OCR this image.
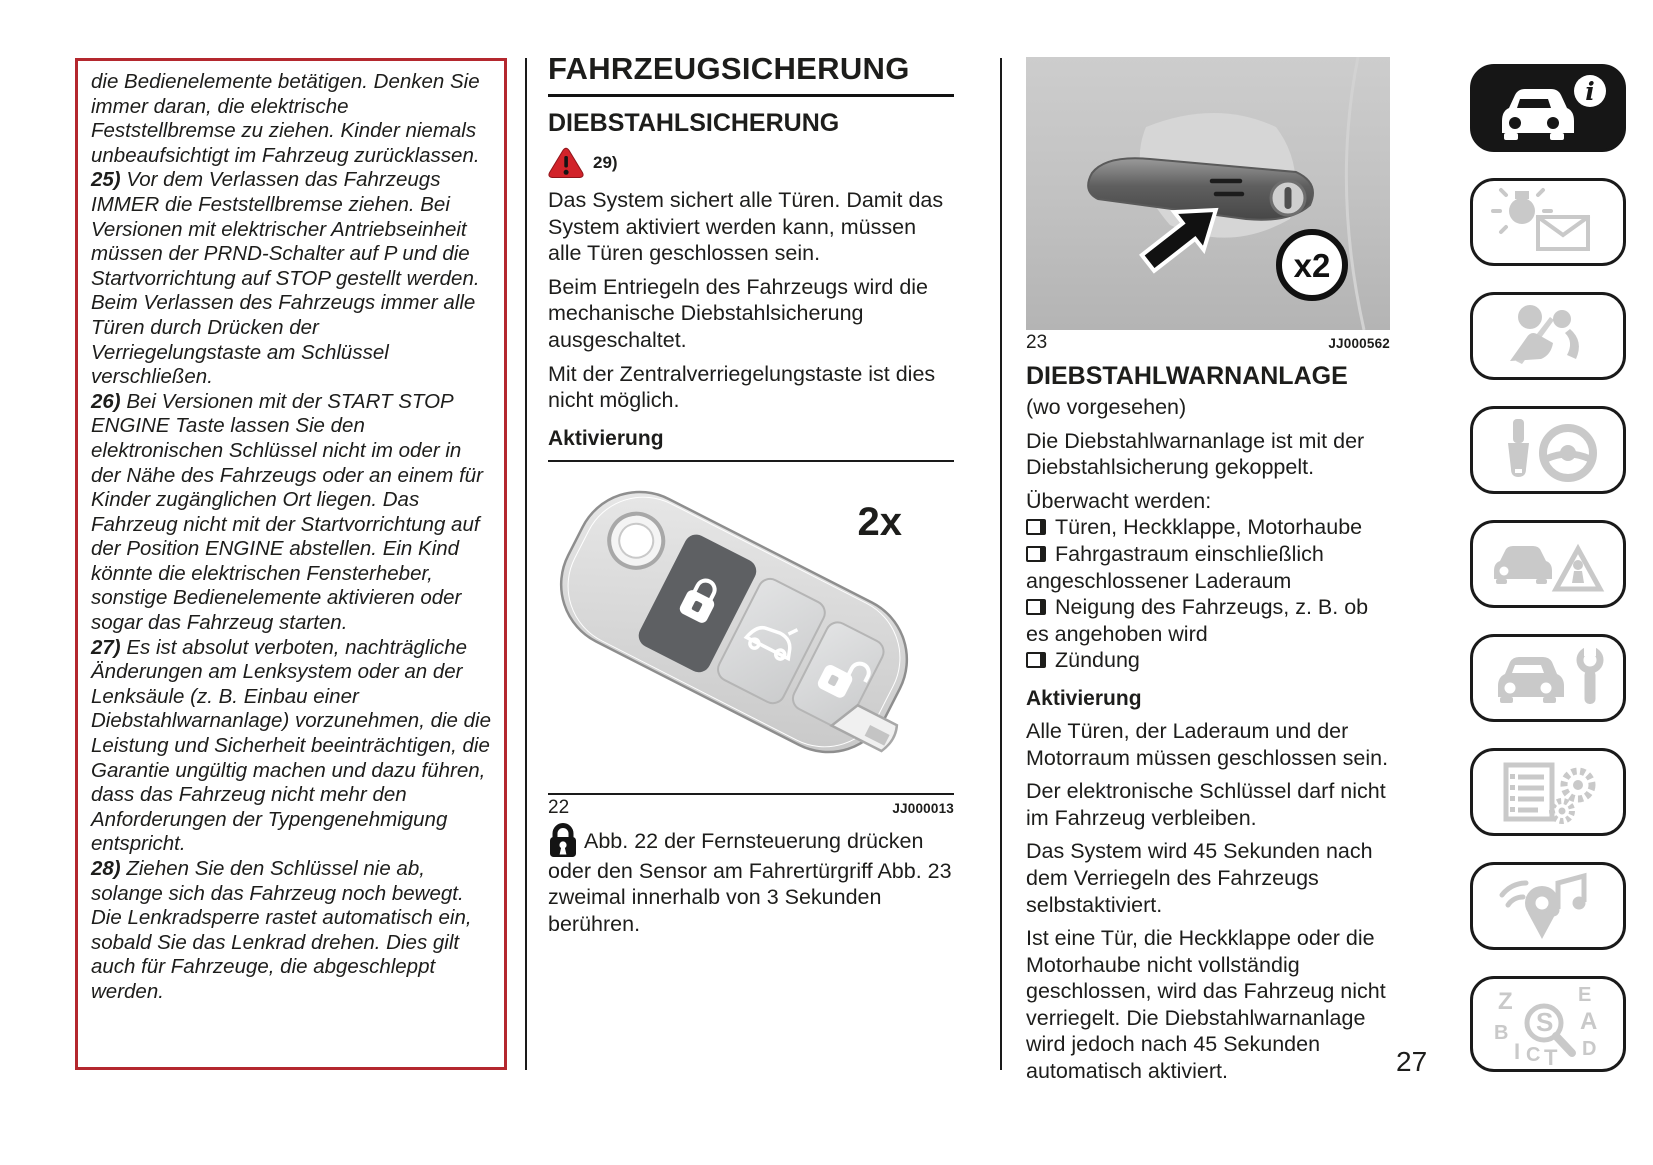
die Bedienelemente betätigen. Denken Sie immer daran, die elektrische Feststellbremse zu ziehen. Kinder niemals unbeaufsichtigt im Fahrzeug zurücklassen.

25) Vor dem Verlassen das Fahrzeugs IMMER die Feststellbremse ziehen. Bei Versionen mit elektrischer Antriebseinheit müssen der PRND-Schalter auf P und die Startvorrichtung auf STOP gestellt werden. Beim Verlassen des Fahrzeugs immer alle Türen durch Drücken der Verriegelungstaste am Schlüssel verschließen.

26) Bei Versionen mit der START STOP ENGINE Taste lassen Sie den elektronischen Schlüssel nicht im oder in der Nähe des Fahrzeugs oder an einem für Kinder zugänglichen Ort liegen. Das Fahrzeug nicht mit der Startvorrichtung auf der Position ENGINE abstellen. Ein Kind könnte die elektrischen Fensterheber, sonstige Bedienelemente aktivieren oder sogar das Fahrzeug starten.

27) Es ist absolut verboten, nachträgliche Änderungen am Lenksystem oder an der Lenksäule (z. B. Einbau einer Diebstahlwarnanlage) vorzunehmen, die die Leistung und Sicherheit beeinträchtigen, die Garantie ungültig machen und dazu führen, dass das Fahrzeug nicht mehr den Anforderungen der Typengenehmigung entspricht.

28) Ziehen Sie den Schlüssel nie ab, solange sich das Fahrzeug noch bewegt. Die Lenkradsperre rastet automatisch ein, sobald Sie das Lenkrad drehen. Dies gilt auch für Fahrzeuge, die abgeschleppt werden.

FAHRZEUGSICHERUNG
DIEBSTAHLSICHERUNG
29)

Das System sichert alle Türen. Damit das System aktiviert werden kann, müssen alle Türen geschlossen sein.

Beim Entriegeln des Fahrzeugs wird die mechanische Diebstahlsicherung ausgeschaltet.

Mit der Zentralverriegelungstaste ist dies nicht möglich.

Aktivierung

2x
22	JJ000013

Abb. 22 der Fernsteuerung drücken oder den Sensor am Fahrertürgriff Abb. 23 zweimal innerhalb von 3 Sekunden berühren.

x2
23	JJ000562
DIEBSTAHLWARNANLAGE

(wo vorgesehen)

Die Diebstahlwarnanlage ist mit der Diebstahlsicherung gekoppelt.

Überwacht werden:

Türen, Heckklappe, Motorhaube

Fahrgastraum einschließlich angeschlossener Laderaum

Neigung des Fahrzeugs, z. B. ob es angehoben wird

Zündung

Aktivierung

Alle Türen, der Laderaum und der Motorraum müssen geschlossen sein.

Der elektronische Schlüssel darf nicht im Fahrzeug verbleiben.

Das System wird 45 Sekunden nach dem Verriegeln des Fahrzeugs selbstaktiviert.

Ist eine Tür, die Heckklappe oder die Motorhaube nicht vollständig geschlossen, wird das Fahrzeug nicht verriegelt. Die Diebstahlwarnanlage wird jedoch nach 45 Sekunden automatisch aktiviert.

i
Z	E
B	A
I C T D
S
27
